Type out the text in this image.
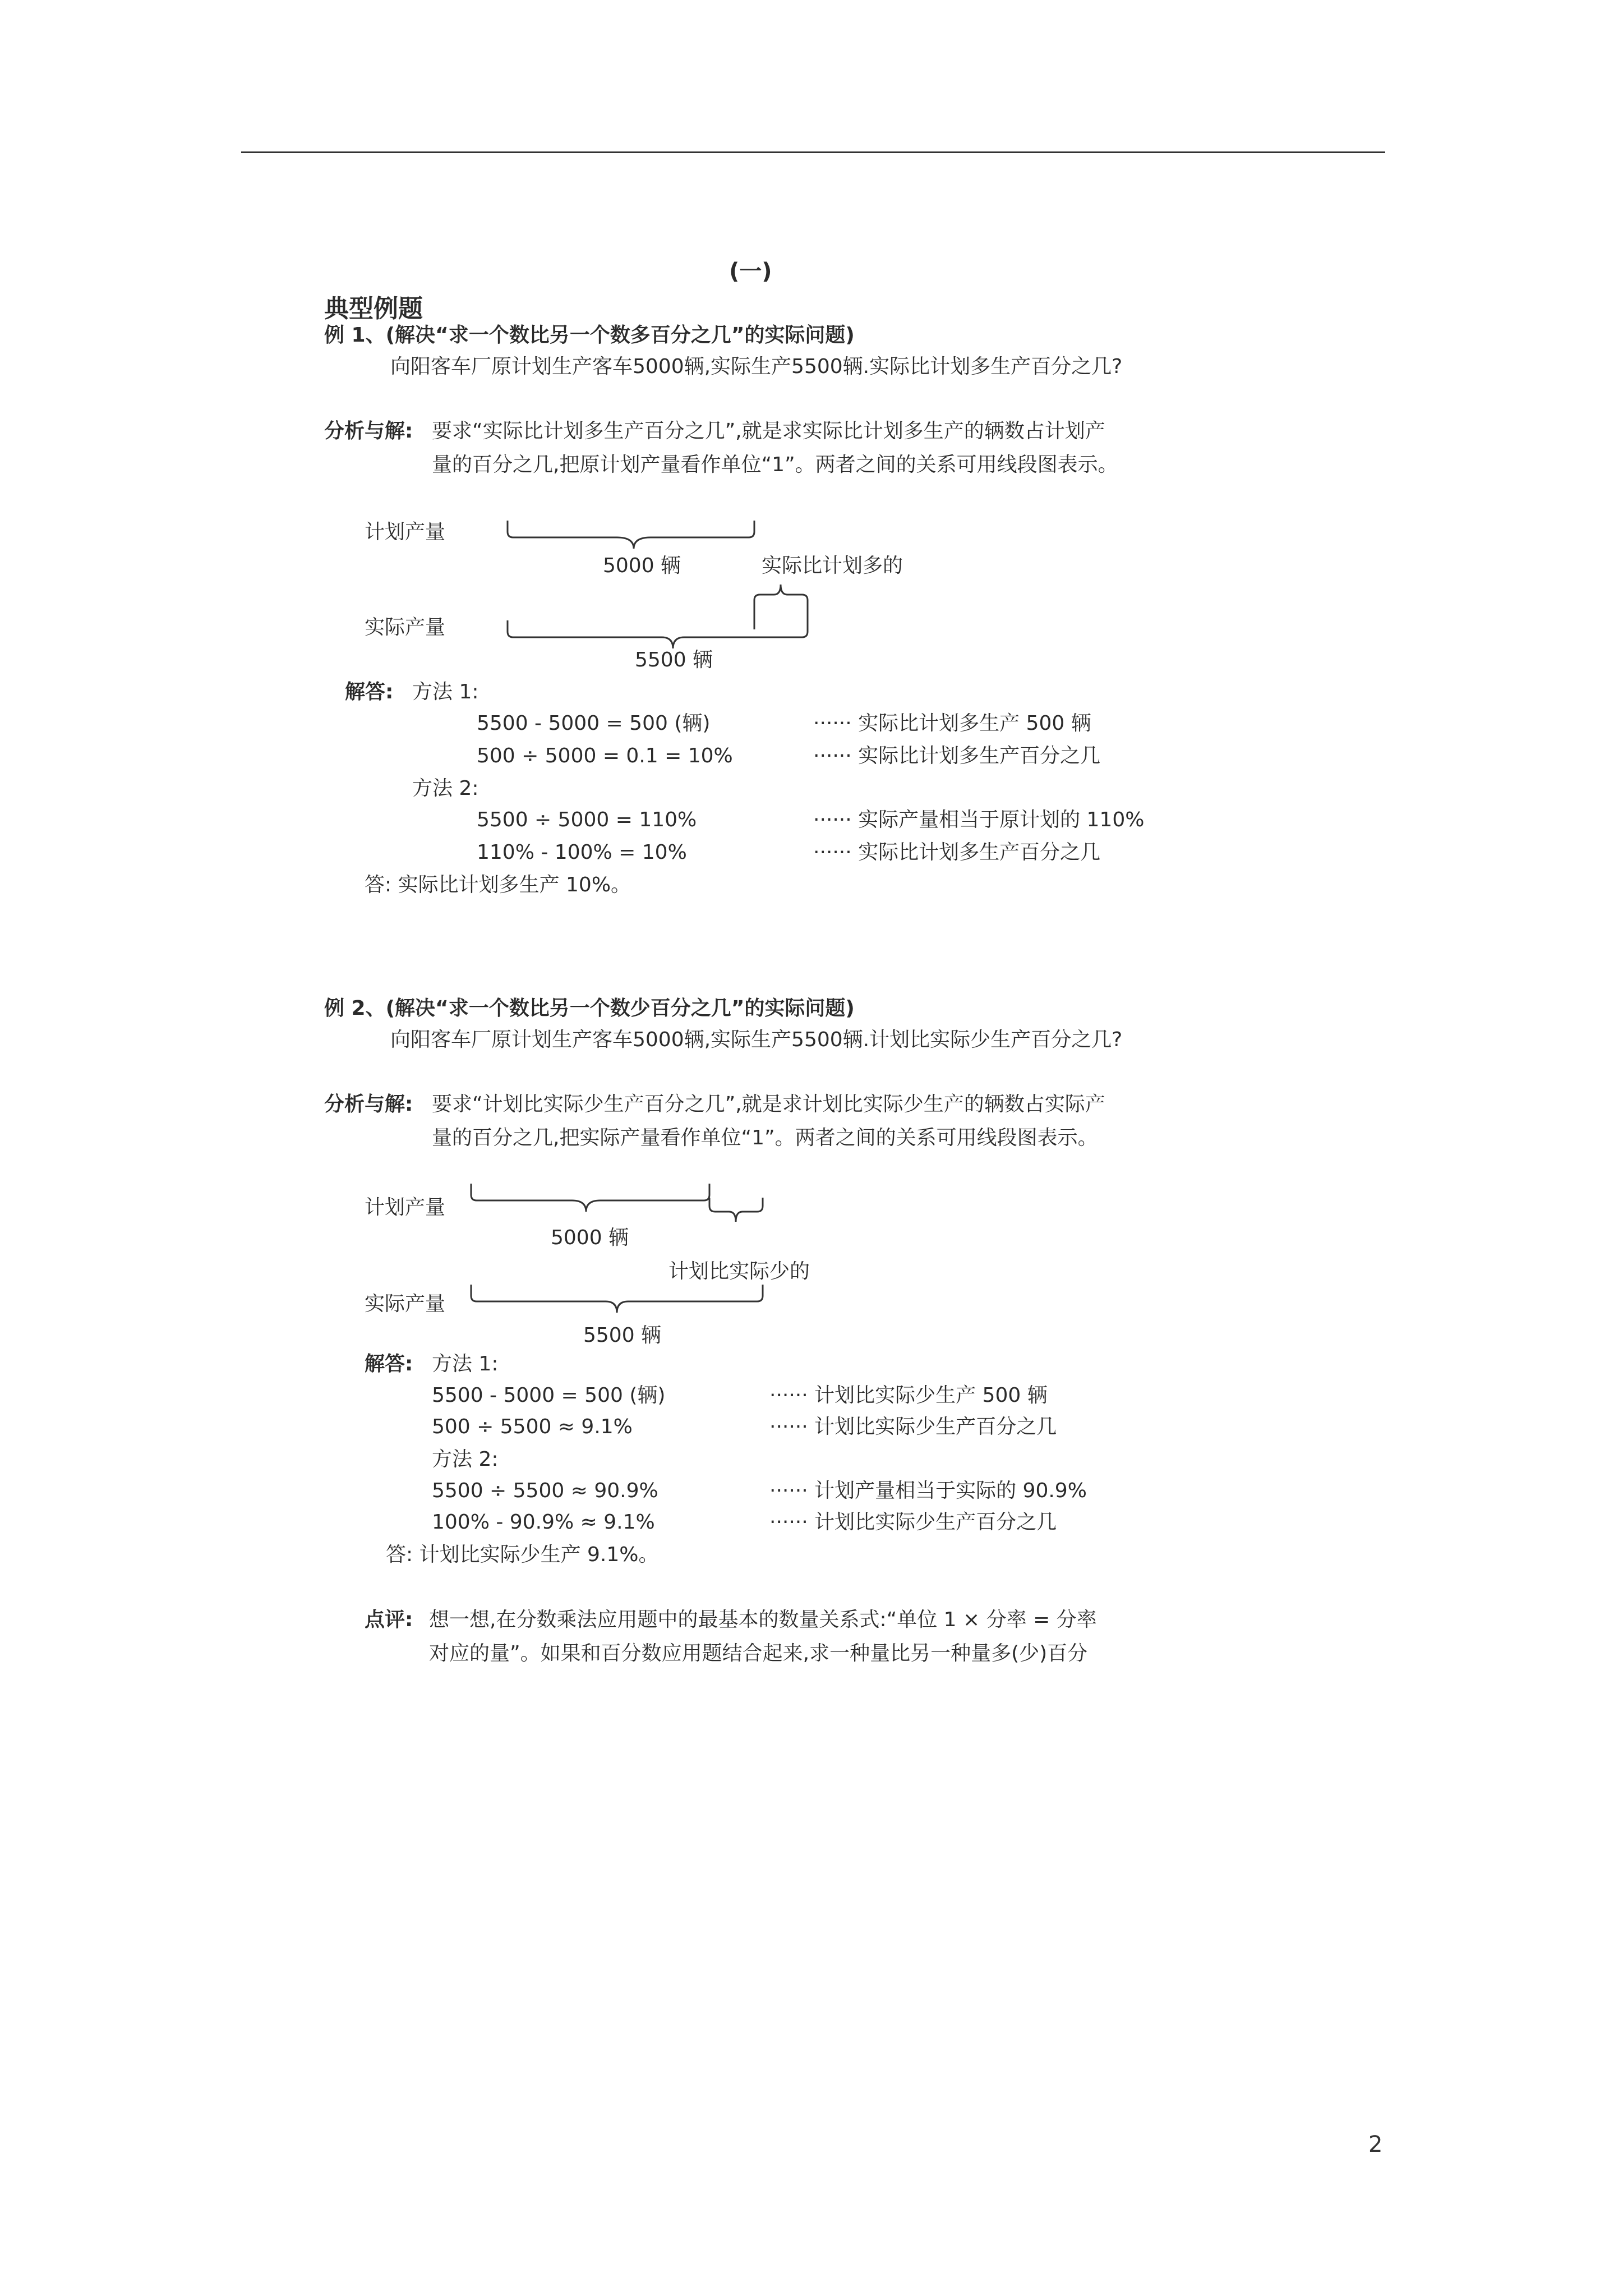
(一)
典型例题
例 1、(解决“求一个数比另一个数多百分之几”的实际问题)
向阳客车厂原计划生产客车5000辆,实际生产5500辆.实际比计划多生产百分之几?
分析与解: 要求“实际比计划多生产百分之几”,就是求实际比计划多生产的辆数占计划产
量的百分之几,把原计划产量看作单位“1”。两者之间的关系可用线段图表示。
计划产量
5000 辆	实际比计划多的
实际产量
5500 辆
解答: 方法 1:
5500 - 5000 = 500 (辆)	······ 实际比计划多生产 500 辆
500 ÷ 5000 = 0.1 = 10%	······ 实际比计划多生产百分之几
方法 2:
5500 ÷ 5000 = 110%	······ 实际产量相当于原计划的 110%
110% - 100% = 10%	······ 实际比计划多生产百分之几
答: 实际比计划多生产 10%。
例 2、(解决“求一个数比另一个数少百分之几”的实际问题)
向阳客车厂原计划生产客车5000辆,实际生产5500辆.计划比实际少生产百分之几?
分析与解: 要求“计划比实际少生产百分之几”,就是求计划比实际少生产的辆数占实际产
量的百分之几,把实际产量看作单位“1”。两者之间的关系可用线段图表示。
计划产量
5000 辆
计划比实际少的
实际产量
5500 辆
解答: 方法 1:
5500 - 5000 = 500 (辆)	······ 计划比实际少生产 500 辆
500 ÷ 5500 ≈ 9.1%	······ 计划比实际少生产百分之几
方法 2:
5500 ÷ 5500 ≈ 90.9%	······ 计划产量相当于实际的 90.9%
100% - 90.9% ≈ 9.1%	······ 计划比实际少生产百分之几
答: 计划比实际少生产 9.1%。
点评: 想一想,在分数乘法应用题中的最基本的数量关系式:“单位 1 × 分率 = 分率
对应的量”。如果和百分数应用题结合起来,求一种量比另一种量多(少)百分
2
